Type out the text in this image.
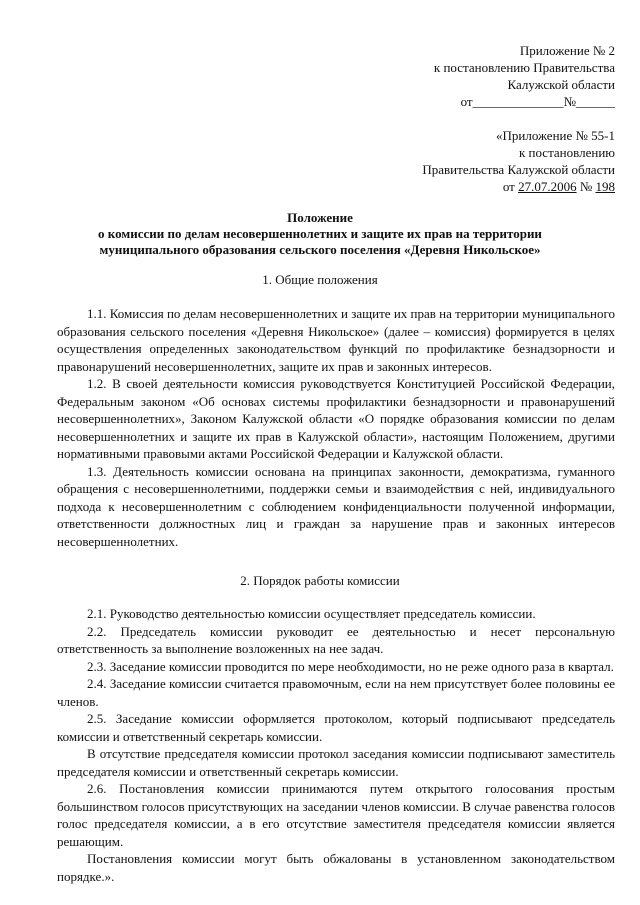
Приложение № 2
к постановлению Правительства
Калужской области
от______________№______
«Приложение № 55-1
к постановлению
Правительства Калужской области
от 27.07.2006 № 198
Положение
о комиссии по делам несовершеннолетних и защите их прав на территории
муниципального образования сельского поселения «Деревня Никольское»
1. Общие положения

1.1. Комиссия по делам несовершеннолетних и защите их прав на территории муниципального образования сельского поселения «Деревня Никольское» (далее – комиссия) формируется в целях осуществления определенных законодательством функций по профилактике безнадзорности и правонарушений несовершеннолетних, защите их прав и законных интересов.

1.2. В своей деятельности комиссия руководствуется Конституцией Российской Федерации, Федеральным законом «Об основах системы профилактики безнадзорности и правонарушений несовершеннолетних», Законом Калужской области «О порядке образования комиссии по делам несовершеннолетних и защите их прав в Калужской области», настоящим Положением, другими нормативными правовыми актами Российской Федерации и Калужской области.

1.3. Деятельность комиссии основана на принципах законности, демократизма, гуманного обращения с несовершеннолетними, поддержки семьи и взаимодействия с ней, индивидуального подхода к несовершеннолетним с соблюдением конфиденциальности полученной информации, ответственности должностных лиц и граждан за нарушение прав и законных интересов несовершеннолетних.

2. Порядок работы комиссии

2.1. Руководство деятельностью комиссии осуществляет председатель комиссии.

2.2. Председатель комиссии руководит ее деятельностью и несет персональную ответственность за выполнение возложенных на нее задач.

2.3. Заседание комиссии проводится по мере необходимости, но не реже одного раза в квартал.

2.4. Заседание комиссии считается правомочным, если на нем присутствует более половины ее членов.

2.5. Заседание комиссии оформляется протоколом, который подписывают председатель комиссии и ответственный секретарь комиссии.

В отсутствие председателя комиссии протокол заседания комиссии подписывают заместитель председателя комиссии и ответственный секретарь комиссии.

2.6. Постановления комиссии принимаются путем открытого голосования простым большинством голосов присутствующих на заседании членов комиссии. В случае равенства голосов голос председателя комиссии, а в его отсутствие заместителя председателя комиссии является решающим.

Постановления комиссии могут быть обжалованы в установленном законодательством порядке.».
